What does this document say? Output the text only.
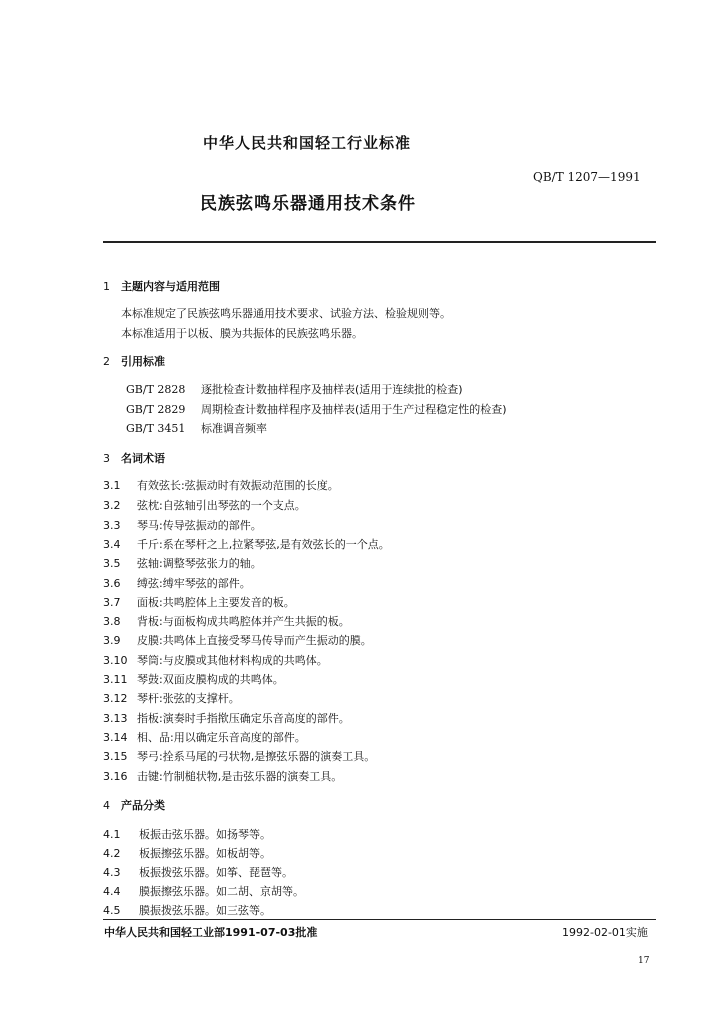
中华人民共和国轻工行业标准
QB/T 1207—1991
民族弦鸣乐器通用技术条件
1 主题内容与适用范围
本标准规定了民族弦鸣乐器通用技术要求、试验方法、检验规则等。
本标准适用于以板、膜为共振体的民族弦鸣乐器。
2 引用标准
GB/T 2828 逐批检查计数抽样程序及抽样表(适用于连续批的检查)
GB/T 2829 周期检查计数抽样程序及抽样表(适用于生产过程稳定性的检查)
GB/T 3451 标准调音频率
3 名词术语
3.1 有效弦长:弦振动时有效振动范围的长度。
3.2 弦枕:自弦轴引出琴弦的一个支点。
3.3 琴马:传导弦振动的部件。
3.4 千斤:系在琴杆之上,拉紧琴弦,是有效弦长的一个点。
3.5 弦轴:调整琴弦张力的轴。
3.6 缚弦:缚牢琴弦的部件。
3.7 面板:共鸣腔体上主要发音的板。
3.8 背板:与面板构成共鸣腔体并产生共振的板。
3.9 皮膜:共鸣体上直接受琴马传导而产生振动的膜。
3.10 琴筒:与皮膜或其他材料构成的共鸣体。
3.11 琴鼓:双面皮膜构成的共鸣体。
3.12 琴杆:张弦的支撑杆。
3.13 指板:演奏时手指揿压确定乐音高度的部件。
3.14 相、品:用以确定乐音高度的部件。
3.15 琴弓:拴系马尾的弓状物,是擦弦乐器的演奏工具。
3.16 击键:竹制槌状物,是击弦乐器的演奏工具。
4 产品分类
4.1 板振击弦乐器。如扬琴等。
4.2 板振擦弦乐器。如板胡等。
4.3 板振拨弦乐器。如筝、琵琶等。
4.4 膜振擦弦乐器。如二胡、京胡等。
4.5 膜振拨弦乐器。如三弦等。
中华人民共和国轻工业部1991-07-03批准	1992-02-01实施
17
